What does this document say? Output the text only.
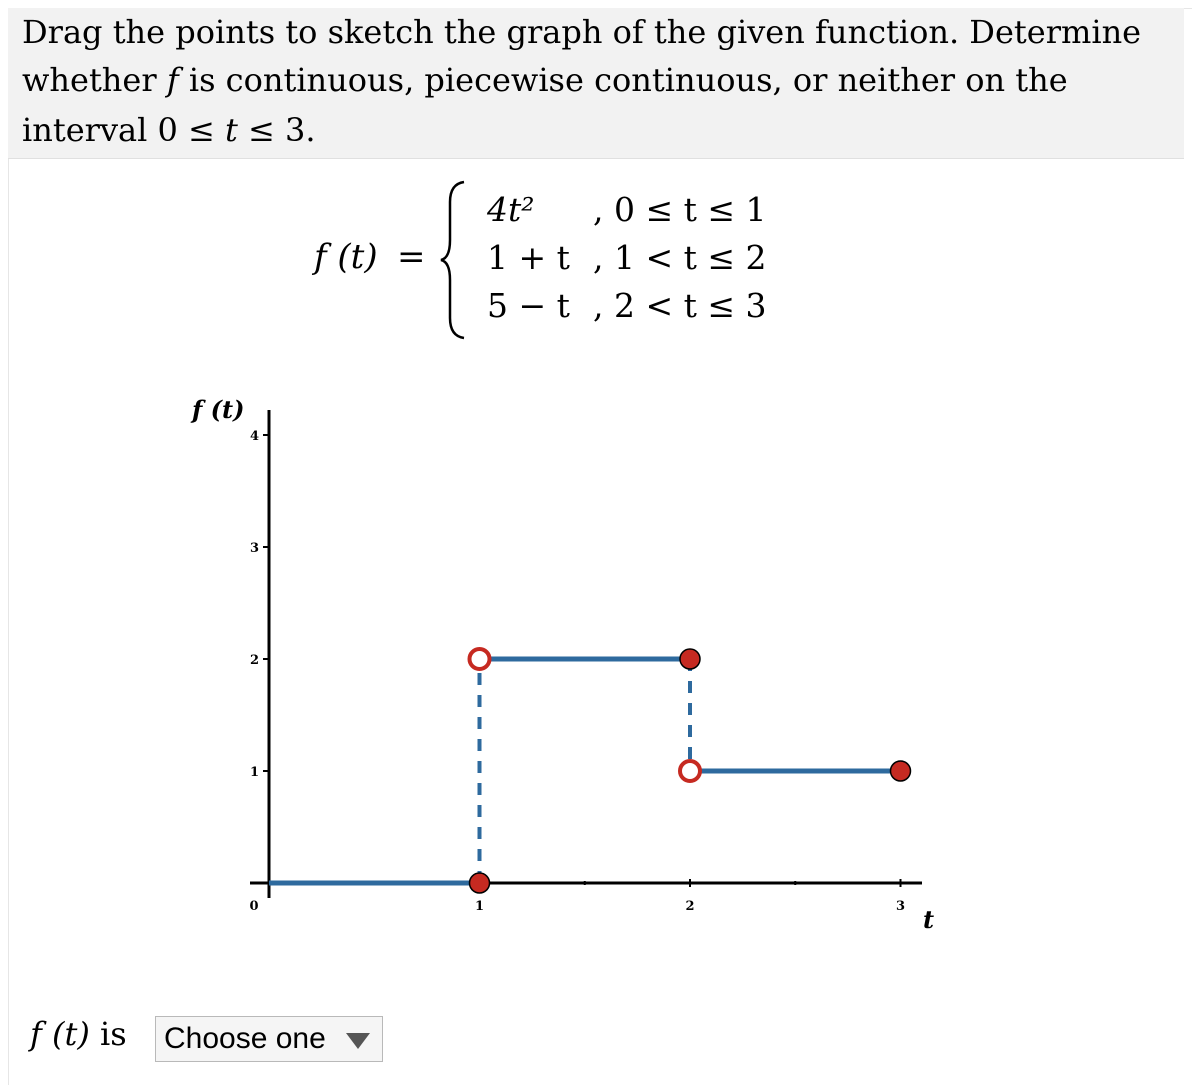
Drag the points to sketch the graph of the given function. Determine
whether f is continuous, piecewise continuous, or neither on the
interval 0 ≤ t ≤ 3.
f (t) =
4t² , 0 ≤ t ≤ 1
1 + t , 1 < t ≤ 2
5 − t , 2 < t ≤ 3
f (t)
t
0	1	2	3
1
2
3
4
f (t) is	Choose one
